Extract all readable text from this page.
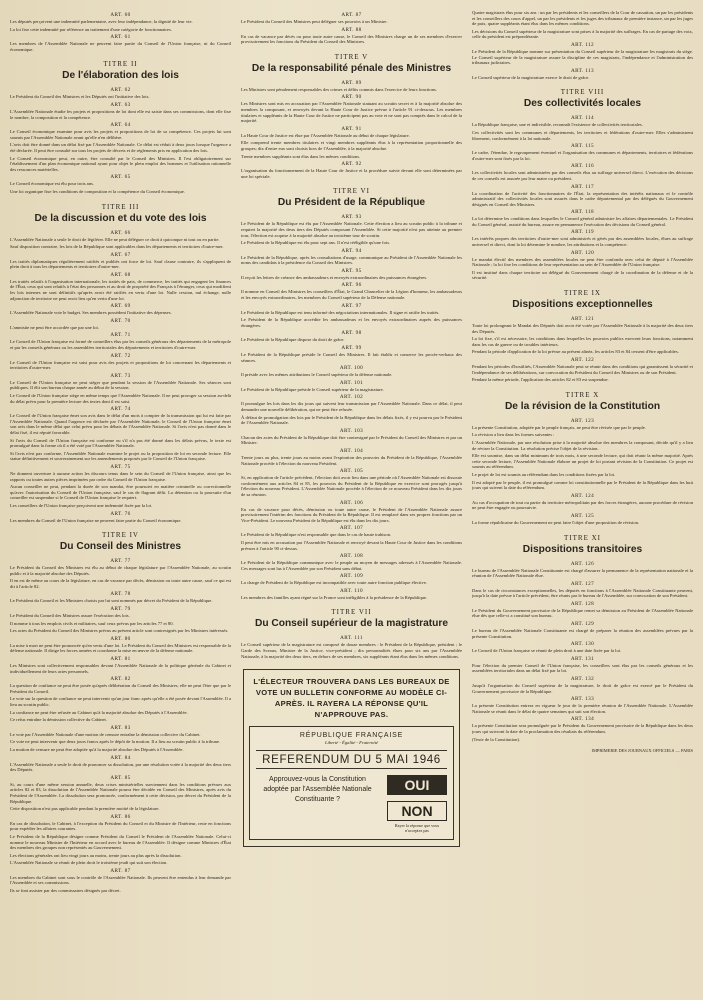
ART. 60
Les députés perçoivent une indemnité parlementaire, avec leur indépendance, la dignité de leur vie.
La loi fixe cette indemnité par référence au traitement d'une catégorie de fonctionnaires.
ART. 61
Les membres de l'Assemblée Nationale ne peuvent faire partie du Conseil de l'Union française, ni du Conseil économique.
TITRE II
De l'élaboration des lois
ART. 62
Le Président du Conseil des Ministres et les Députés ont l'initiative des lois.
ART. 63
L'Assemblée Nationale étudie les projets et propositions de loi dont elle est saisie dans ses commissions, dont elle fixe le nombre, la composition et la compétence.
ART. 64
Le Conseil économique examine pour avis les projets et propositions de loi de sa compétence. Ces projets lui sont soumis par l'Assemblée Nationale avant qu'elle n'en délibère.
L'avis doit être donné dans un délai fixé par l'Assemblée Nationale. Ce délai est réduit à deux jours lorsque l'urgence a été déclarée. Il peut être consulté sur tous les projets de décrets et de règlements pris en application des lois.
Le Conseil économique peut, en outre, être consulté par le Conseil des Ministres. Il l'est obligatoirement sur l'établissement d'un plan économique national ayant pour objet le plein emploi des hommes et l'utilisation rationnelle des ressources matérielles.
ART. 65
Le Conseil économique est élu pour trois ans.
Une loi organique fixe les conditions de composition et la compétence du Conseil économique.
TITRE III
De la discussion et du vote des lois
ART. 66
L'Assemblée Nationale a seule le droit de légiférer. Elle ne peut déléguer ce droit à quiconque ni tout ou en partie.
Sauf disposition contraire, les lois de la République sont applicables dans les départements et territoires d'outre-mer.
ART. 67
Les traités diplomatiques régulièrement ratifiés et publiés ont force de loi. Sauf clause contraire, ils s'appliquent de plein droit à tous les départements et territoires d'outre-mer.
ART. 68
Les traités relatifs à l'organisation internationale, les traités de paix, de commerce, les traités qui engagent les finances de l'État, ceux qui sont relatifs à l'état des personnes et au droit de propriété des Français à l'étranger, ceux qui modifient les lois internes ne sont définitifs qu'après avoir été ratifiés en vertu d'une loi. Nulle cession, nul échange, nulle adjonction de territoire ne peut avoir lieu qu'en vertu d'une loi.
ART. 69
L'Assemblée Nationale vote le budget. Ses membres possèdent l'initiative des dépenses.
ART. 70
L'amnistie ne peut être accordée que par une loi.
ART. 71
Le Conseil de l'Union française est formé de conseillers élus par les conseils généraux des départements de la métropole et par les conseils généraux ou les assemblées territoriales des départements et territoires d'outre-mer.
ART. 72
Le Conseil de l'Union française est saisi pour avis des projets et propositions de loi concernant les départements et territoires d'outre-mer.
ART. 73
Le Conseil de l'Union française ne peut siéger que pendant la session de l'Assemblée Nationale. Ses séances sont publiques. Il élit son bureau chaque année au début de la session.
Le Conseil de l'Union française siège en même temps que l'Assemblée Nationale. Il ne peut proroger sa session au-delà du délai prévu pour la première lecture des textes dont il est saisi.
ART. 74
Le Conseil de l'Union française émet son avis dans le délai d'un mois à compter de la transmission qui lui est faite par l'Assemblée Nationale. Quand l'urgence est déclarée par l'Assemblée Nationale, le Conseil de l'Union française émet son avis dans le même délai que celui prévu pour les débats de l'Assemblée Nationale. Si l'avis n'est pas donné dans le délai fixé, il est réputé favorable.
Si l'avis du Conseil de l'Union française est conforme ou s'il n'a pas été donné dans les délais prévus, le texte est promulgué dans la forme où il a été voté par l'Assemblée Nationale.
Si l'avis n'est pas conforme, l'Assemblée Nationale examine le projet ou la proposition de loi en seconde lecture. Elle statue définitivement et souverainement sur les amendements proposés par le Conseil de l'Union française.
ART. 75
Ne donnent ouverture à aucune action les discours tenus dans le sein du Conseil de l'Union française, ainsi que les rapports ou toutes autres pièces imprimées par ordre du Conseil de l'Union française.
Aucun conseiller ne peut, pendant la durée de son mandat, être poursuivi en matière criminelle ou correctionnelle qu'avec l'autorisation du Conseil de l'Union française, sauf le cas de flagrant délit. La détention ou la poursuite d'un conseiller est suspendue si le Conseil de l'Union française le requiert.
Les conseillers de l'Union française perçoivent une indemnité fixée par la loi.
ART. 76
Les membres du Conseil de l'Union française ne peuvent faire partie du Conseil économique.
TITRE IV
Du Conseil des Ministres
ART. 77
Le Président du Conseil des Ministres est élu au début de chaque législature par l'Assemblée Nationale, au scrutin public et à la majorité absolue des Députés.
Il en est de même au cours de la législature, en cas de vacance par décès, démission ou toute autre cause, sauf ce qui est dit à l'article 82.
ART. 78
Le Président du Conseil et les Ministres choisis par lui sont nommés par décret du Président de la République.
ART. 79
Le Président du Conseil des Ministres assure l'exécution des lois.
Il nomme à tous les emplois civils et militaires, sauf ceux prévus par les articles 77 et 80.
Les actes du Président du Conseil des Ministres prévus au présent article sont contresignés par les Ministres intéressés.
ART. 80
La mise à mort ne peut être prononcée qu'en vertu d'une loi. Le Président du Conseil des Ministres est responsable de la défense nationale. Il dirige les forces armées et coordonne la mise en œuvre de la défense nationale.
ART. 81
Les Ministres sont collectivement responsables devant l'Assemblée Nationale de la politique générale du Cabinet et individuellement de leurs actes personnels.
ART. 82
La question de confiance ne peut être posée qu'après délibération du Conseil des Ministres; elle ne peut l'être que par le Président du Conseil.
Le vote sur la question de confiance ne peut intervenir qu'un jour franc après qu'elle a été posée devant l'Assemblée. Il a lieu au scrutin public.
La confiance ne peut être refusée au Cabinet qu'à la majorité absolue des Députés à l'Assemblée.
Ce refus entraîne la démission collective du Cabinet.
ART. 83
Le vote par l'Assemblée Nationale d'une motion de censure entraîne la démission collective du Cabinet.
Ce vote ne peut intervenir que deux jours francs après le dépôt de la motion. Il a lieu au scrutin public à la tribune.
La motion de censure ne peut être adoptée qu'à la majorité absolue des Députés à l'Assemblée.
ART. 84
L'Assemblée Nationale a seule le droit de prononcer sa dissolution, par une résolution votée à la majorité des deux tiers des Députés.
ART. 85
Si, au cours d'une même session annuelle, deux crises ministérielles surviennent dans les conditions prévues aux articles 82 et 83, la dissolution de l'Assemblée Nationale pourra être décidée en Conseil des Ministres, après avis du Président de l'Assemblée. La dissolution sera prononcée, conformément à cette décision, par décret du Président de la République.
Cette disposition n'est pas applicable pendant la première moitié de la législature.
ART. 86
En cas de dissolution, le Cabinet, à l'exception du Président du Conseil et du Ministre de l'Intérieur, reste en fonctions pour expédier les affaires courantes.
Le Président de la République désigne comme Président du Conseil le Président de l'Assemblée Nationale. Celui-ci nomme le nouveau Ministre de l'Intérieur en accord avec le bureau de l'Assemblée. Il désigne comme Ministres d'État des membres des groupes non représentés au Gouvernement.
Les élections générales ont lieu vingt jours au moins, trente jours au plus après la dissolution.
L'Assemblée Nationale se réunit de plein droit le troisième jeudi qui suit son élection.
ART. 87
Les membres du Cabinet sont sous le contrôle de l'Assemblée Nationale. Ils peuvent être entendus à leur demande par l'Assemblée et ses commissions.
Ils se font assister par des commissaires désignés par décret.
ART. 87
Le Président du Conseil des Ministres peut déléguer ses pouvoirs à un Ministre.
ART. 88
En cas de vacance par décès ou pour toute autre cause, le Conseil des Ministres charge un de ses membres d'exercer provisoirement les fonctions du Président du Conseil des Ministres.
TITRE V
De la responsabilité pénale des Ministres
ART. 89
Les Ministres sont pénalement responsables des crimes et délits commis dans l'exercice de leurs fonctions.
ART. 90
Les Ministres sont mis en accusation par l'Assemblée Nationale statuant au scrutin secret et à la majorité absolue des membres la composant, et renvoyés devant la Haute Cour de Justice prévue à l'article 91 ci-dessous. Les membres titulaires et suppléants de la Haute Cour de Justice ne participent pas au vote et ne sont pas comptés dans le calcul de la majorité.
ART. 91
La Haute Cour de Justice est élue par l'Assemblée Nationale au début de chaque législature.
Elle comprend trente membres titulaires et vingt membres suppléants élus à la représentation proportionnelle des groupes; dix d'entre eux sont choisis hors de l'Assemblée, à la majorité absolue.
Trente membres suppléants sont élus dans les mêmes conditions.
ART. 92
L'organisation du fonctionnement de la Haute Cour de Justice et la procédure suivie devant elle sont déterminées par une loi spéciale.
TITRE VI
Du Président de la République
ART. 93
Le Président de la République est élu par l'Assemblée Nationale. Cette élection a lieu au scrutin public à la tribune et requiert la majorité des deux tiers des Députés composant l'Assemblée. Si cette majorité n'est pas atteinte au premier tour, l'élection est acquise à la majorité absolue au troisième tour de scrutin.
Le Président de la République est élu pour sept ans. Il n'est rééligible qu'une fois.
ART. 94
Le Président de la République, après les consultations d'usage, communique au Président de l'Assemblée Nationale les noms des candidats à la présidence du Conseil des Ministres.
ART. 95
Il reçoit les lettres de créance des ambassadeurs et envoyés extraordinaires des puissances étrangères.
ART. 96
Il nomme en Conseil des Ministres les conseillers d'État, le Grand Chancelier de la Légion d'honneur, les ambassadeurs et les envoyés extraordinaires, les membres du Conseil supérieur de la Défense nationale.
ART. 97
Le Président de la République est tenu informé des négociations internationales. Il signe et ratifie les traités.
Le Président de la République accrédite les ambassadeurs et les envoyés extraordinaires auprès des puissances étrangères.
ART. 98
Le Président de la République dispose du droit de grâce.
ART. 99
Le Président de la République préside le Conseil des Ministres. Il fait établir et conserve les procès-verbaux des séances.
ART. 100
Il préside avec les mêmes attributions le Conseil supérieur de la défense nationale.
ART. 101
Le Président de la République préside le Conseil supérieur de la magistrature.
ART. 102
Il promulgue les lois dans les dix jours qui suivent leur transmission par l'Assemblée Nationale. Dans ce délai, il peut demander une nouvelle délibération, qui ne peut être refusée.
À défaut de promulgation des lois par le Président de la République dans les délais fixés, il y est pourvu par le Président de l'Assemblée Nationale.
ART. 103
Chacun des actes du Président de la République doit être contresigné par le Président du Conseil des Ministres et par un Ministre.
ART. 104
Trente jours au plus, trente jours au moins avant l'expiration des pouvoirs du Président de la République, l'Assemblée Nationale procède à l'élection du nouveau Président.
ART. 105
Si, en application de l'article précédent, l'élection doit avoir lieu dans une période où l'Assemblée Nationale est dissoute conformément aux articles 84 et 85, les pouvoirs du Président de la République en exercice sont prorogés jusqu'à l'élection du nouveau Président. L'Assemblée Nationale procède à l'élection de ce nouveau Président dans les dix jours de sa réunion.
ART. 106
En cas de vacance pour décès, démission ou toute autre cause, le Président de l'Assemblée Nationale assure provisoirement l'intérim des fonctions du Président de la République. Il est remplacé dans ses propres fonctions par un Vice-Président. Le nouveau Président de la République est élu dans les dix jours.
ART. 107
Le Président de la République n'est responsable que dans le cas de haute trahison.
Il peut être mis en accusation par l'Assemblée Nationale et renvoyé devant la Haute Cour de Justice dans les conditions prévues à l'article 90 ci-dessus.
ART. 108
Le Président de la République communique avec le peuple au moyen de messages adressés à l'Assemblée Nationale. Ces messages sont lus à l'Assemblée par son Président sans débat.
ART. 109
La charge de Président de la République est incompatible avec toute autre fonction publique élective.
ART. 110
Les membres des familles ayant régné sur la France sont inéligibles à la présidence de la République.
TITRE VII
Du Conseil supérieur de la magistrature
ART. 111
Le Conseil supérieur de la magistrature est composé de douze membres : le Président de la République, président ; le Garde des Sceaux, Ministre de la Justice, vice-président ; dix personnalités élues pour six ans par l'Assemblée Nationale, à la majorité des deux tiers, en dehors de ses membres, six suppléants étant élus dans les mêmes conditions.
L'ÉLECTEUR TROUVERA DANS LES BUREAUX DE VOTE UN BULLETIN CONFORME AU MODÈLE CI-APRÈS. IL RAYERA LA RÉPONSE QU'IL N'APPROUVE PAS.
RÉPUBLIQUE FRANÇAISE
Liberté - Égalité - Fraternité
REFERENDUM DU 5 MAI 1946
Approuvez-vous la Constitution adoptée par l'Assemblée Nationale Constituante ?
OUI
NON
Rayer la réponse que vous n'acceptez pas
Quatre magistrats élus pour six ans : un par les présidents et les conseillers de la Cour de cassation, un par les présidents et les conseillers des cours d'appel, un par les présidents et les juges des tribunaux de première instance, un par les juges de paix, quatre suppléants étant élus dans les mêmes conditions.
Les décisions du Conseil supérieur de la magistrature sont prises à la majorité des suffrages. En cas de partage des voix, celle du président est prépondérante.
ART. 112
Le Président de la République nomme sur présentation du Conseil supérieur de la magistrature les magistrats du siège. Le Conseil supérieur de la magistrature assure la discipline de ces magistrats, l'indépendance et l'administration des tribunaux judiciaires.
ART. 113
Le Conseil supérieur de la magistrature exerce le droit de grâce.
TITRE VIII
Des collectivités locales
ART. 114
La République française, une et indivisible, reconnaît l'existence de collectivités territoriales.
Ces collectivités sont les communes et départements, les territoires et fédérations d'outre-mer. Elles s'administrent librement, conformément à la loi nationale.
ART. 115
Le cadre, l'étendue, le regroupement éventuel et l'organisation des communes et départements, territoires et fédérations d'outre-mer sont fixés par la loi.
ART. 116
Les collectivités locales sont administrées par des conseils élus au suffrage universel direct. L'exécution des décisions de ces conseils est assurée par leur maire ou président.
ART. 117
La coordination de l'activité des fonctionnaires de l'État, la représentation des intérêts nationaux et le contrôle administratif des collectivités locales sont assurés dans le cadre départemental par des délégués du Gouvernement désignés en Conseil des Ministres.
ART. 118
La loi détermine les conditions dans lesquelles le Conseil général administre les affaires départementales. Le Président du Conseil général, assisté du bureau, assure en permanence l'exécution des décisions du Conseil général.
ART. 119
Les intérêts propres des territoires d'outre-mer sont administrés et gérés par des assemblées locales, élues au suffrage universel et direct, dont la loi détermine le nombre, les attributions et la compétence.
ART. 120
Le mandat électif des membres des assemblées locales ne peut être confondu avec celui de député à l'Assemblée Nationale ; la loi fixe les conditions de leur représentation au sein de l'Assemblée de l'Union française.
Il est institué dans chaque territoire un délégué du Gouvernement chargé de la coordination de la défense et de la sécurité.
TITRE IX
Dispositions exceptionnelles
ART. 121
Toute loi prolongeant le Mandat des Députés doit avoir été votée par l'Assemblée Nationale à la majorité des deux tiers des Députés.
La loi fixe, s'il est nécessaire, les conditions dans lesquelles les pouvoirs publics exercent leurs fonctions, notamment dans les cas de guerre ou de troubles intérieurs.
Pendant la période d'application de la loi prévue au présent alinéa, les articles 83 et 84 cessent d'être applicables.
ART. 122
Pendant les périodes d'hostilités, l'Assemblée Nationale peut se réunir dans des conditions qui garantissent la sécurité et l'indépendance de ses délibérations, sur convocation du Président du Conseil des Ministres ou de son Président.
Pendant la même période, l'application des articles 82 et 83 est suspendue.
TITRE X
De la révision de la Constitution
ART. 123
La présente Constitution, adoptée par le peuple français, ne peut être révisée que par le peuple.
La révision a lieu dans les formes suivantes :
L'Assemblée Nationale, par une résolution prise à la majorité absolue des membres la composant, décide qu'il y a lieu de réviser la Constitution. La résolution précise l'objet de la révision.
Elle est soumise, dans un délai minimum de trois mois, à une seconde lecture, qui doit réunir la même majorité. Après cette seconde lecture, l'Assemblée Nationale élabore un projet de loi portant révision de la Constitution. Ce projet est soumis au référendum.
Le projet de loi est soumis au référendum dans les conditions fixées par la loi.
Il est adopté par le peuple, il est promulgué comme loi constitutionnelle par le Président de la République dans les huit jours qui suivent la date du référendum.
ART. 124
Au cas d'occupation de tout ou partie du territoire métropolitain par des forces étrangères, aucune procédure de révision ne peut être engagée ou poursuivie.
ART. 125
La forme républicaine du Gouvernement ne peut faire l'objet d'une proposition de révision.
TITRE XI
Dispositions transitoires
ART. 126
Le bureau de l'Assemblée Nationale Constituante est chargé d'assurer la permanence de la représentation nationale et la réunion de l'Assemblée Nationale élue.
ART. 127
Dans le cas de circonstances exceptionnelles, les députés en fonctions à l'Assemblée Nationale Constituante peuvent, jusqu'à la date prévue à l'article précédent, être réunis par le bureau de l'Assemblée, sur convocation de son Président.
ART. 128
Le Président du Gouvernement provisoire de la République remet sa démission au Président de l'Assemblée Nationale élue dès que celle-ci a constitué son bureau.
ART. 129
Le bureau de l'Assemblée Nationale Constituante est chargé de préparer la réunion des assemblées prévues par la présente Constitution.
ART. 130
Le Conseil de l'Union française se réunit de plein droit à une date fixée par la loi.
ART. 131
Pour l'élection du premier Conseil de l'Union française, les conseillers sont élus par les conseils généraux et les assemblées territoriales dans un délai fixé par la loi.
ART. 132
Jusqu'à l'organisation du Conseil supérieur de la magistrature, le droit de grâce est exercé par le Président du Gouvernement provisoire de la République.
ART. 133
La présente Constitution entrera en vigueur le jour de la première réunion de l'Assemblée Nationale. L'Assemblée Nationale se réunit dans le délai de quatre semaines qui suit son élection.
ART. 134
La présente Constitution sera promulguée par le Président du Gouvernement provisoire de la République dans les deux jours qui suivront la date de la proclamation des résultats du référendum.
(Texte de la Constitution).
IMPRIMERIE DES JOURNAUX OFFICIELS — PARIS
